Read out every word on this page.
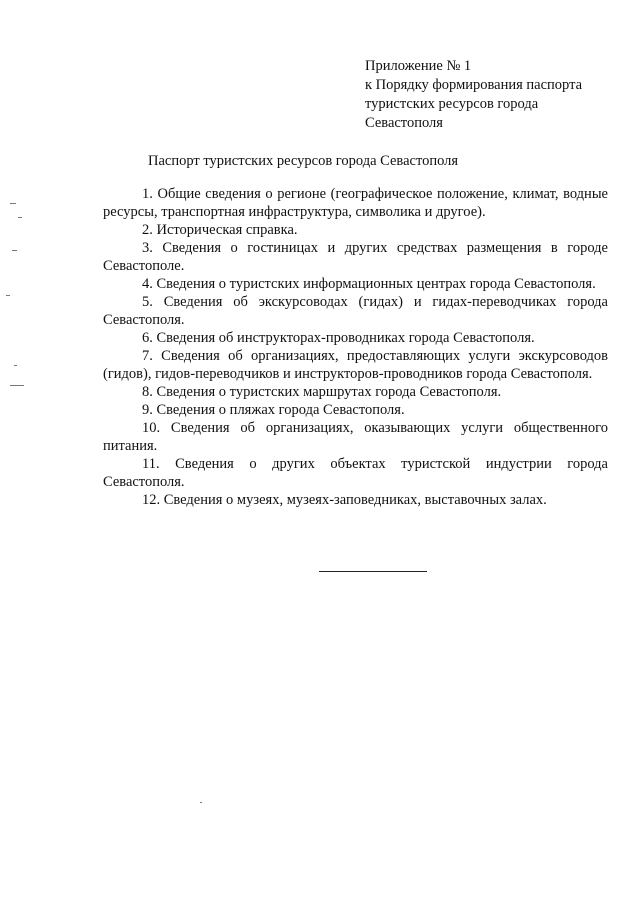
Приложение № 1
к Порядку формирования паспорта
туристских ресурсов города
Севастополя
Паспорт туристских ресурсов города Севастополя

1. Общие сведения о регионе (географическое положение, климат, водные ресурсы, транспортная инфраструктура, символика и другое).

2. Историческая справка.

3. Сведения о гостиницах и других средствах размещения в городе Севастополе.

4. Сведения о туристских информационных центрах города Севастополя.

5. Сведения об экскурсоводах (гидах) и гидах-переводчиках города Севастополя.

6. Сведения об инструкторах-проводниках города Севастополя.

7. Сведения об организациях, предоставляющих услуги экскурсоводов (гидов), гидов-переводчиков и инструкторов-проводников города Севастополя.

8. Сведения о туристских маршрутах города Севастополя.

9. Сведения о пляжах города Севастополя.

10. Сведения об организациях, оказывающих услуги общественного питания.

11. Сведения о других объектах туристской индустрии города Севастополя.

12. Сведения о музеях, музеях-заповедниках, выставочных залах.
